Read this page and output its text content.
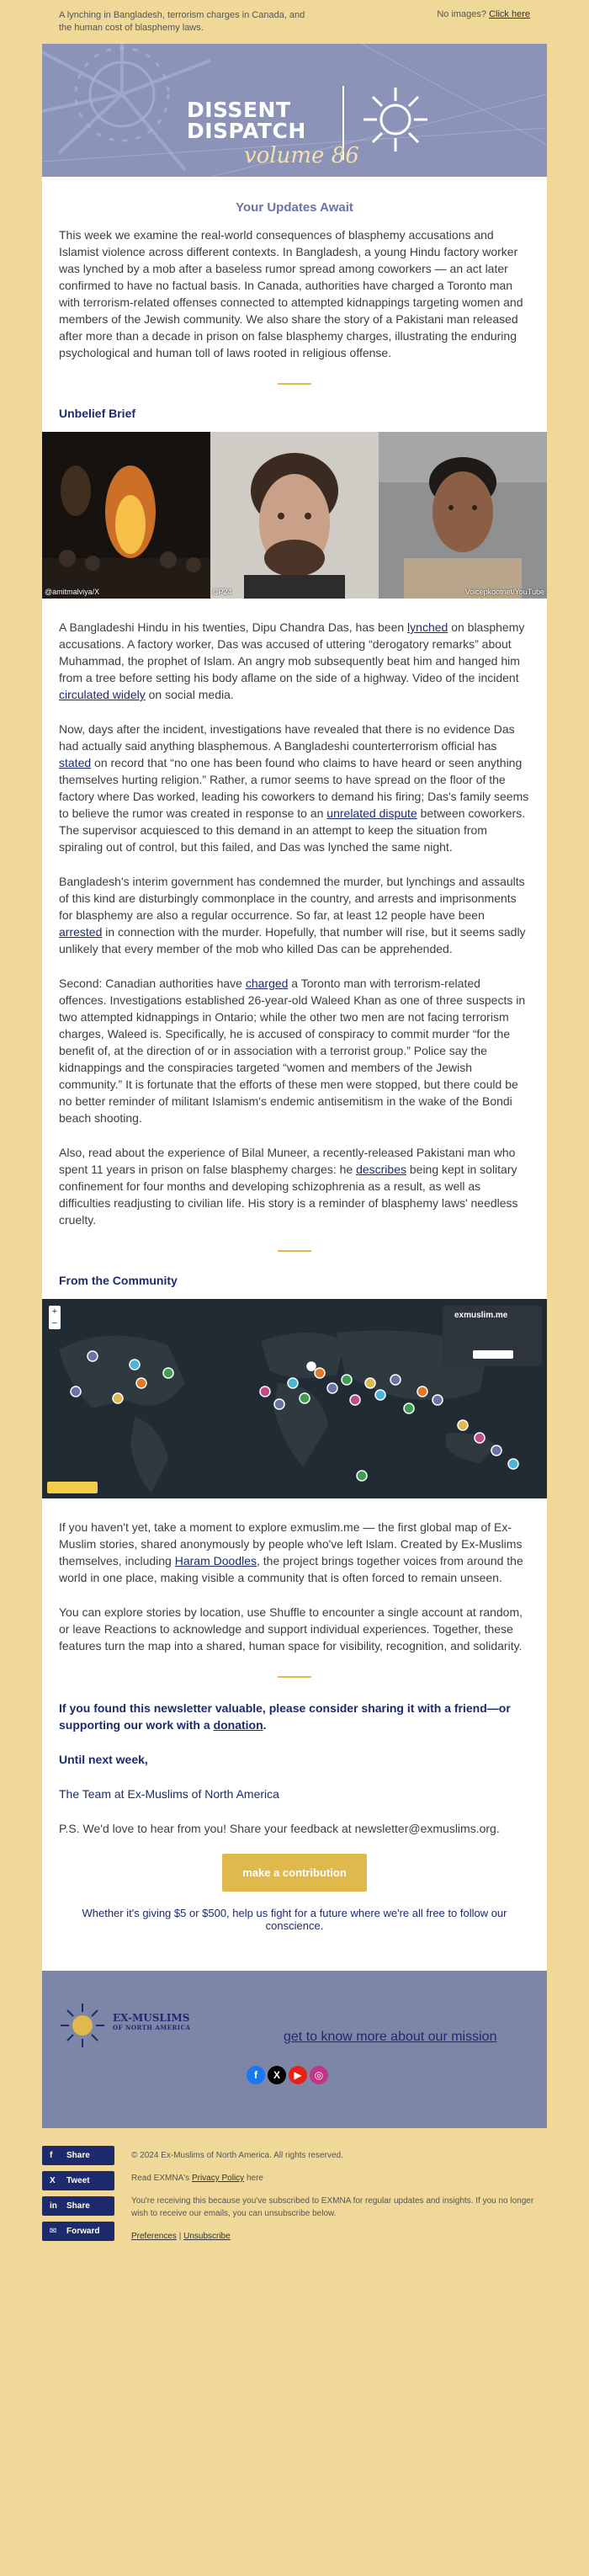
A lynching in Bangladesh, terrorism charges in Canada, and the human cost of blasphemy laws.
No images? Click here
DISSENT
DISPATCH
volume 86
Your Updates Await

This week we examine the real-world consequences of blasphemy accusations and Islamist violence across different contexts. In Bangladesh, a young Hindu factory worker was lynched by a mob after a baseless rumor spread among coworkers — an act later confirmed to have no factual basis. In Canada, authorities have charged a Toronto man with terrorism-related offenses connected to attempted kidnappings targeting women and members of the Jewish community. We also share the story of a Pakistani man released after more than a decade in prison on false blasphemy charges, illustrating the enduring psychological and human toll of laws rooted in religious offense.

Unbelief Brief
@amitmalviya/X	CP24	Voicepkdotnet/YouTube

A Bangladeshi Hindu in his twenties, Dipu Chandra Das, has been lynched on blasphemy accusations. A factory worker, Das was accused of uttering “derogatory remarks” about Muhammad, the prophet of Islam. An angry mob subsequently beat him and hanged him from a tree before setting his body aflame on the side of a highway. Video of the incident circulated widely on social media.

Now, days after the incident, investigations have revealed that there is no evidence Das had actually said anything blasphemous. A Bangladeshi counterterrorism official has stated on record that “no one has been found who claims to have heard or seen anything themselves hurting religion.” Rather, a rumor seems to have spread on the floor of the factory where Das worked, leading his coworkers to demand his firing; Das's family seems to believe the rumor was created in response to an unrelated dispute between coworkers. The supervisor acquiesced to this demand in an attempt to keep the situation from spiraling out of control, but this failed, and Das was lynched the same night.

Bangladesh's interim government has condemned the murder, but lynchings and assaults of this kind are disturbingly commonplace in the country, and arrests and imprisonments for blasphemy are also a regular occurrence. So far, at least 12 people have been arrested in connection with the murder. Hopefully, that number will rise, but it seems sadly unlikely that every member of the mob who killed Das can be apprehended.

Second: Canadian authorities have charged a Toronto man with terrorism-related offences. Investigations established 26-year-old Waleed Khan as one of three suspects in two attempted kidnappings in Ontario; while the other two men are not facing terrorism charges, Waleed is. Specifically, he is accused of conspiracy to commit murder “for the benefit of, at the direction of or in association with a terrorist group.” Police say the kidnappings and the conspiracies targeted “women and members of the Jewish community.” It is fortunate that the efforts of these men were stopped, but there could be no better reminder of militant Islamism's endemic antisemitism in the wake of the Bondi beach shooting.

Also, read about the experience of Bilal Muneer, a recently-released Pakistani man who spent 11 years in prison on false blasphemy charges: he describes being kept in solitary confinement for four months and developing schizophrenia as a result, as well as difficulties readjusting to civilian life. His story is a reminder of blasphemy laws' needless cruelty.

From the Community
+
−
exmuslim.me

If you haven't yet, take a moment to explore exmuslim.me — the first global map of Ex-Muslim stories, shared anonymously by people who've left Islam. Created by Ex-Muslims themselves, including Haram Doodles, the project brings together voices from around the world in one place, making visible a community that is often forced to remain unseen.

You can explore stories by location, use Shuffle to encounter a single account at random, or leave Reactions to acknowledge and support individual experiences. Together, these features turn the map into a shared, human space for visibility, recognition, and solidarity.

If you found this newsletter valuable, please consider sharing it with a friend—or supporting our work with a donation.

Until next week,

The Team at Ex-Muslims of North America

P.S. We'd love to hear from you! Share your feedback at newsletter@exmuslims.org.

make a contribution
Whether it's giving $5 or $500, help us fight for a future where we're all free to follow our conscience.
EX-MUSLIMS
OF NORTH AMERICA
get to know more about our mission
f	X	▶	◎
f	Share
X	Tweet
in	Share
✉	Forward

© 2024 Ex-Muslims of North America. All rights reserved.

Read EXMNA's Privacy Policy here

You're receiving this because you've subscribed to EXMNA for regular updates and insights. If you no longer wish to receive our emails, you can unsubscribe below.

Preferences | Unsubscribe
